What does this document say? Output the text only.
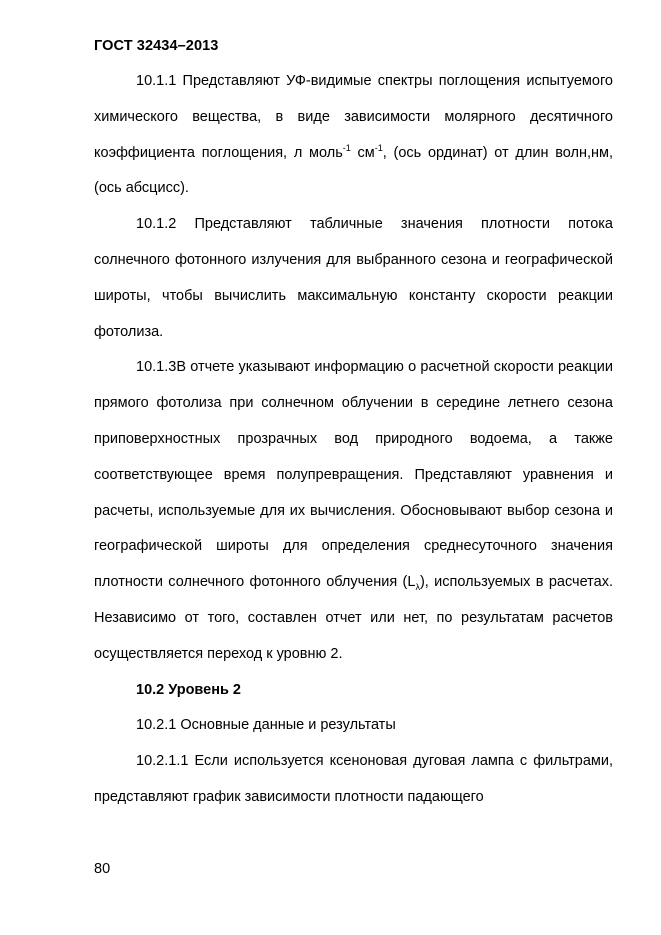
ГОСТ 32434–2013

10.1.1 Представляют УФ-видимые спектры поглощения испытуемого химического вещества, в виде зависимости молярного десятичного коэффициента поглощения, л моль$^{-1}$ $см^{-1}$, (ось ординат) от длин волн,нм, (ось абсцисс).

10.1.2 Представляют табличные значения плотности потока солнечного фотонного излучения для выбранного сезона и географической широты, чтобы вычислить максимальную константу скорости реакции фотолиза.

10.1.3В отчете указывают информацию о расчетной скорости реакции прямого фотолиза при солнечном облучении в середине летнего сезона приповерхностных прозрачных вод природного водоема, а также соответствующее время полупревращения. Представляют уравнения и расчеты, используемые для их вычисления. Обосновывают выбор сезона и географической широты для определения среднесуточного значения плотности солнечного фотонного облучения $(L_\lambda)$, используемых в расчетах. Независимо от того, составлен отчет или нет, по результатам расчетов осуществляется переход к уровню 2.

10.2 Уровень 2

10.2.1 Основные данные и результаты

10.2.1.1 Если используется ксеноновая дуговая лампа с фильтрами, представляют график зависимости плотности падающего

80
